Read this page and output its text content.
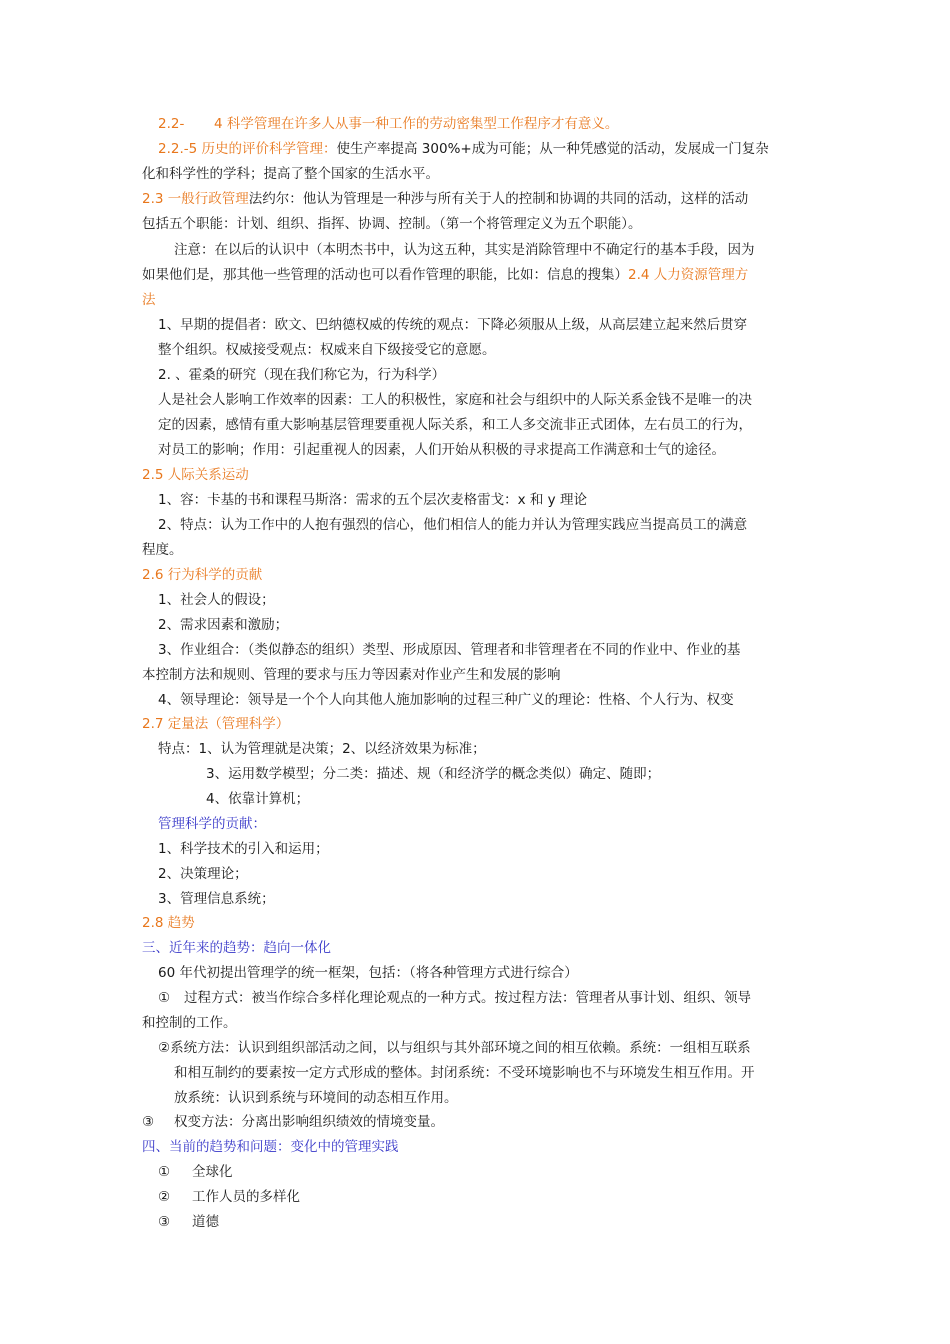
2.2- 4 科学管理在许多人从事一种工作的劳动密集型工作程序才有意义。
2.2.-5 历史的评价科学管理：使生产率提高 300%+成为可能；从一种凭感觉的活动，发展成一门复杂
化和科学性的学科；提高了整个国家的生活水平。
2.3 一般行政管理法约尔：他认为管理是一种涉与所有关于人的控制和协调的共同的活动，这样的活动
包括五个职能：计划、组织、指挥、协调、控制。（第一个将管理定义为五个职能）。
注意：在以后的认识中（本明杰书中，认为这五种，其实是消除管理中不确定行的基本手段，因为
如果他们是，那其他一些管理的活动也可以看作管理的职能，比如：信息的搜集）2.4 人力资源管理方
法
1、早期的提倡者：欧文、巴纳德权威的传统的观点：下降必须服从上级，从高层建立起来然后贯穿
整个组织。权威接受观点：权威来自下级接受它的意愿。
2. 、霍桑的研究（现在我们称它为，行为科学）
人是社会人影响工作效率的因素：工人的积极性，家庭和社会与组织中的人际关系金钱不是唯一的决
定的因素，感情有重大影响基层管理要重视人际关系，和工人多交流非正式团体，左右员工的行为，
对员工的影响；作用：引起重视人的因素，人们开始从积极的寻求提高工作满意和士气的途径。
2.5 人际关系运动
1、容：卡基的书和课程马斯洛：需求的五个层次麦格雷戈：x 和 y 理论
2、特点：认为工作中的人抱有强烈的信心，他们相信人的能力并认为管理实践应当提高员工的满意
程度。
2.6 行为科学的贡献
1、社会人的假设；
2、需求因素和激励；
3、作业组合：（类似静态的组织）类型、形成原因、管理者和非管理者在不同的作业中、作业的基
本控制方法和规则、管理的要求与压力等因素对作业产生和发展的影响
4、领导理论：领导是一个个人向其他人施加影响的过程三种广义的理论：性格、个人行为、权变
2.7 定量法（管理科学）
特点：1、认为管理就是决策；2、以经济效果为标准；
3、运用数学模型；分二类：描述、规（和经济学的概念类似）确定、随即；
4、依靠计算机；
管理科学的贡献：
1、科学技术的引入和运用；
2、决策理论；
3、管理信息系统；
2.8 趋势
三、近年来的趋势：趋向一体化
60 年代初提出管理学的统一框架，包括：（将各种管理方式进行综合）
① 过程方式：被当作综合多样化理论观点的一种方式。按过程方法：管理者从事计划、组织、领导
和控制的工作。
②系统方法：认识到组织部活动之间，以与组织与其外部环境之间的相互依赖。系统：一组相互联系
和相互制约的要素按一定方式形成的整体。封闭系统：不受环境影响也不与环境发生相互作用。开
放系统：认识到系统与环境间的动态相互作用。
③ 权变方法：分离出影响组织绩效的情境变量。
四、当前的趋势和问题：变化中的管理实践
① 全球化
② 工作人员的多样化
③ 道德
